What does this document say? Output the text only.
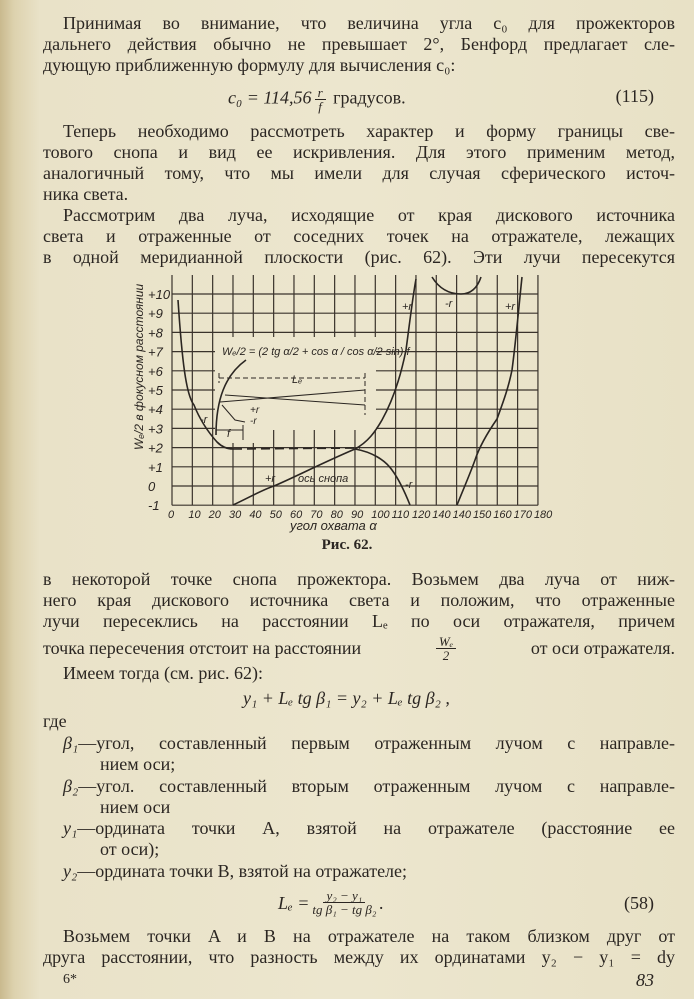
Принимая во внимание, что величина угла c₀ для прожекторов
дальнего действия обычно не превышает 2°, Бенфорд предлагает сле-
дующую приближенную формулу для вычисления c₀:
$c_0 = 114,56 \frac{r}{f}$ градусов.	(115)
Теперь необходимо рассмотреть характер и форму границы све-
тового снопа и вид ее искривления. Для этого применим метод,
аналогичный тому, что мы имели для случая сферического источ-
ника света.
Рассмотрим два луча, исходящие от края дискового источника
света и отраженные от соседних точек на отражателе, лежащих
в одной меридианной плоскости (рис. 62). Эти лучи пересекутся
0 10 20 30 40 50 60 70 80 90 100 110 120 140 140 150 160 170 180
+10
+9
+8
+7
+6
+5
+4
+3
+2
+1
0
-1
угол охвата α
Wₑ/2 в фокусном расстоянии	Wₑ/2 = (2 tg α/2 + cos α / cos α/2 sin) f
Lₑ
f
+r
-r
-r
+r ось снопа	-r
+r	-r	+r
Рис. 62.
в некоторой точке снопа прожектора. Возьмем два луча от ниж-
него края дискового источника света и положим, что отраженные
лучи пересеклись на расстоянии Lₑ по оси отражателя, причем
точка пересечения отстоит на расстоянии	$\frac{\text{Wₑ}}{2}$	от оси отражателя.
Имеем тогда (см. рис. 62):
y₁ + Lₑ tg β₁ = y₂ + Lₑ tg β₂ ,
где
β₁ —угол, составленный первым отраженным лучом с направле-
нием оси;
β₂ —угол. составленный вторым отраженным лучом с направле-
нием оси
y₁ —ордината точки A, взятой на отражателе (расстояние ее
от оси);
y₂—ордината точки B, взятой на отражателе;
$L_e = \frac{\text{y₂ − y₁}}{\text{tg β₁ − tg β₂}}$ .	(58)
Возьмем точки A и B на отражателе на таком близком друг от
друга расстоянии, что разность между их ординатами y₂ − y₁ = dy
6*	83
